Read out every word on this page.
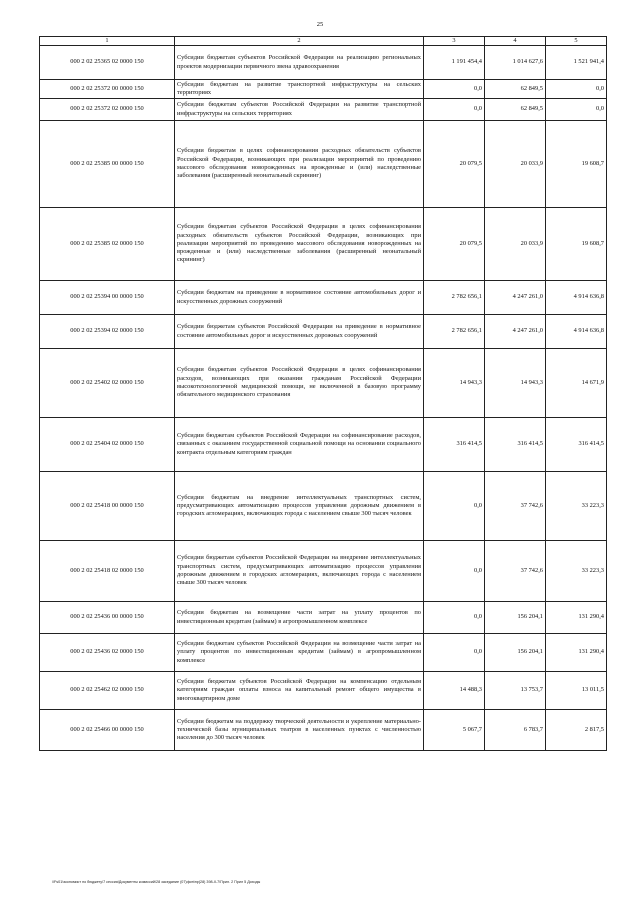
25
1	2	3	4	5
000 2 02 25365 02 0000 150	Субсидии бюджетам субъектов Российской Федерации на реализацию региональных проектов модернизации первичного звена здравоохранения	1 191 454,4	1 014 627,6	1 521 941,4
000 2 02 25372 00 0000 150	Субсидии бюджетам на развитие транспортной инфраструктуры на сельских территориях	0,0	62 849,5	0,0
000 2 02 25372 02 0000 150	Субсидии бюджетам субъектов Российской Федерации на развитие транспортной инфраструктуры на сельских территориях	0,0	62 849,5	0,0
000 2 02 25385 00 0000 150	Субсидии бюджетам в целях софинансирования расходных обязательств субъектов Российской Федерации, возникающих при реализации мероприятий по проведению массового обследования новорожденных на врожденные и (или) наследственные заболевания (расширенный неонатальный скрининг)	20 079,5	20 033,9	19 608,7
000 2 02 25385 02 0000 150	Субсидии бюджетам субъектов Российской Федерации в целях софинансирования расходных обязательств субъектов Российской Федерации, возникающих при реализации мероприятий по проведению массового обследования новорожденных на врожденные и (или) наследственные заболевания (расширенный неонатальный скрининг)	20 079,5	20 033,9	19 608,7
000 2 02 25394 00 0000 150	Субсидии бюджетам на приведение в нормативное состояние автомобильных дорог и искусственных дорожных сооружений	2 782 656,1	4 247 261,0	4 914 636,8
000 2 02 25394 02 0000 150	Субсидии бюджетам субъектов Российской Федерации на приведение в нормативное состояние автомобильных дорог и искусственных дорожных сооружений	2 782 656,1	4 247 261,0	4 914 636,8
000 2 02 25402 02 0000 150	Субсидии бюджетам субъектов Российской Федерации в целях софинансирования расходов, возникающих при оказании гражданам Российской Федерации высокотехнологичной медицинской помощи, не включенной в базовую программу обязательного медицинского страхования	14 943,3	14 943,3	14 671,9
000 2 02 25404 02 0000 150	Субсидии бюджетам субъектов Российской Федерации на софинансирование расходов, связанных с оказанием государственной социальной помощи на основании социального контракта отдельным категориям граждан	316 414,5	316 414,5	316 414,5
000 2 02 25418 00 0000 150	Субсидии бюджетам на внедрение интеллектуальных транспортных систем, предусматривающих автоматизацию процессов управления дорожным движением в городских агломерациях, включающих города с населением свыше 300 тысяч человек	0,0	37 742,6	33 223,3
000 2 02 25418 02 0000 150	Субсидии бюджетам субъектов Российской Федерации на внедрение интеллектуальных транспортных систем, предусматривающих автоматизацию процессов управления дорожным движением в городских агломерациях, включающих города с населением свыше 300 тысяч человек	0,0	37 742,6	33 223,3
000 2 02 25436 00 0000 150	Субсидии бюджетам на возмещение части затрат на уплату процентов по инвестиционным кредитам (займам) в агропромышленном комплексе	0,0	156 204,1	131 290,4
000 2 02 25436 02 0000 150	Субсидии бюджетам субъектов Российской Федерации на возмещение части затрат на уплату процентов по инвестиционным кредитам (займам) в агропромышленном комплексе	0,0	156 204,1	131 290,4
000 2 02 25462 02 0000 150	Субсидии бюджетам субъектов Российской Федерации на компенсацию отдельным категориям граждан оплаты взноса на капитальный ремонт общего имущества в многоквартирном доме	14 488,3	13 753,7	13 011,5
000 2 02 25466 00 0000 150	Субсидии бюджетам на поддержку творческой деятельности и укрепление материально-технической базы муниципальных театров в населенных пунктах с численностью населения до 300 тысяч человек	5 067,7	6 783,7	2 817,5
\\Fs01\экономист по бюджету\7 сессия\Документы комиссий\28 заседание (07)фин\пр(28) 398-II-7\Прил. 2 Прил 5 Доходы
